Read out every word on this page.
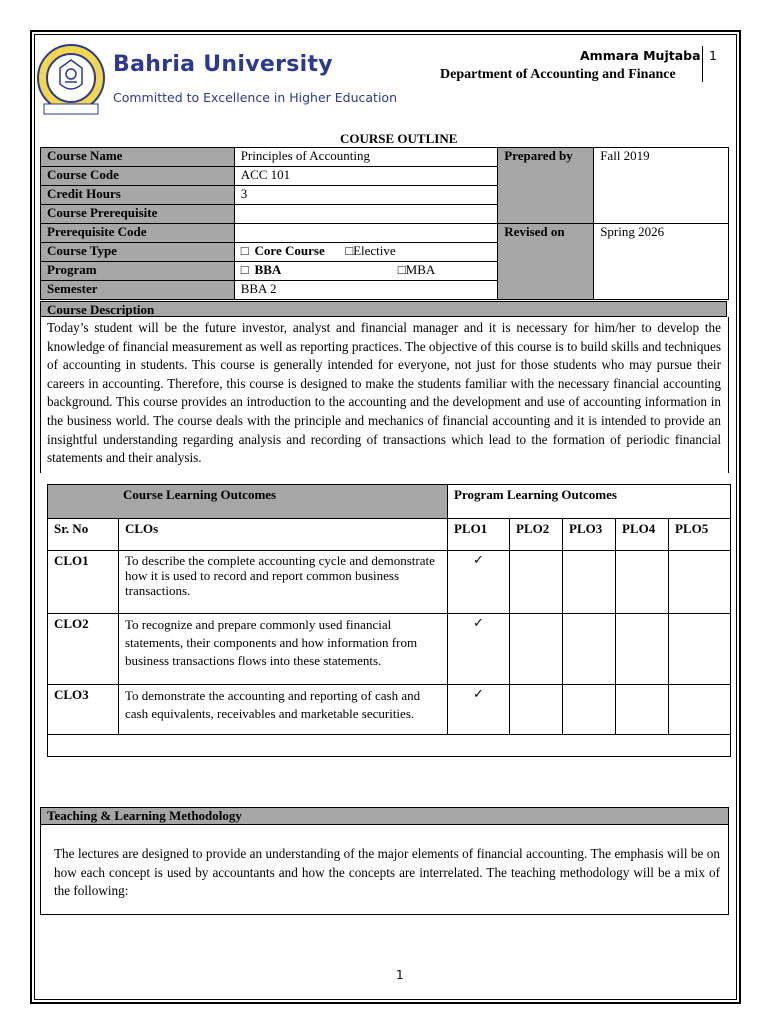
Bahria University
Committed to Excellence in Higher Education
Ammara Mujtaba 1
Department of Accounting and Finance
COURSE OUTLINE
Course Name	Principles of Accounting	Prepared by	Fall 2019
Course Code	ACC 101		
Credit Hours	3		
Course Prerequisite			
Prerequisite Code		Revised on	Spring 2026
Course Type	□ Core Course □Elective		
Program	□ BBA □MBA		
Semester	BBA 2		
Course Description
Today’s student will be the future investor, analyst and financial manager and it is necessary for him/her to develop the knowledge of financial measurement as well as reporting practices. The objective of this course is to build skills and techniques of accounting in students. This course is generally intended for everyone, not just for those students who may pursue their careers in accounting. Therefore, this course is designed to make the students familiar with the necessary financial accounting background. This course provides an introduction to the accounting and the development and use of accounting information in the business world. The course deals with the principle and mechanics of financial accounting and it is intended to provide an insightful understanding regarding analysis and recording of transactions which lead to the formation of periodic financial statements and their analysis.
Course Learning Outcomes		Program Learning Outcomes				
Sr. No	CLOs	PLO1	PLO2	PLO3	PLO4	PLO5
CLO1	To describe the complete accounting cycle and demonstrate how it is used to record and report common business transactions.	✓				
CLO2	To recognize and prepare commonly used financial statements, their components and how information from business transactions flows into these statements.	✓				
CLO3	To demonstrate the accounting and reporting of cash and cash equivalents, receivables and marketable securities.	✓				

Teaching & Learning Methodology
The lectures are designed to provide an understanding of the major elements of financial accounting. The emphasis will be on how each concept is used by accountants and how the concepts are interrelated. The teaching methodology will be a mix of the following:
1
